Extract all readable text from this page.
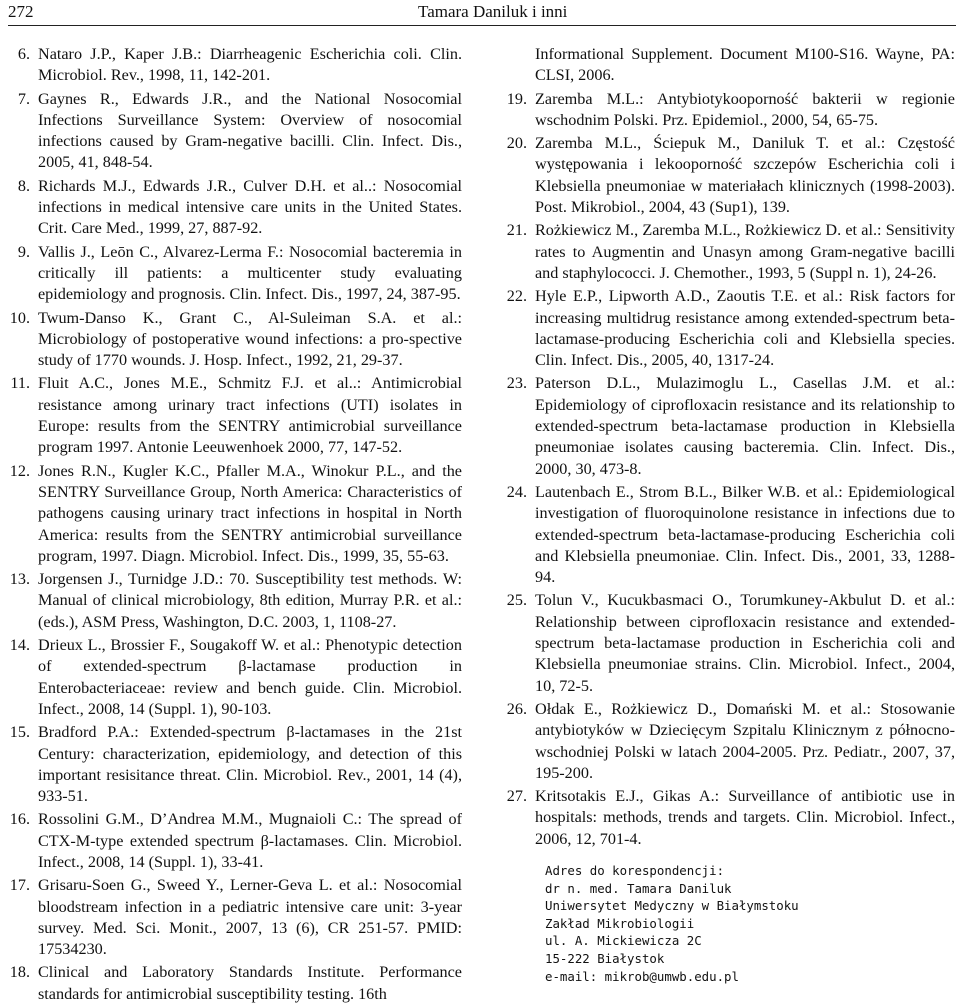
272	Tamara Daniluk i inni
6. Nataro J.P., Kaper J.B.: Diarrheagenic Escherichia coli. Clin. Microbiol. Rev., 1998, 11, 142-201.
7. Gaynes R., Edwards J.R., and the National Nosocomial Infections Surveillance System: Overview of nosocomial infections caused by Gram-negative bacilli. Clin. Infect. Dis., 2005, 41, 848-54.
8. Richards M.J., Edwards J.R., Culver D.H. et al..: Nosocomial infections in medical intensive care units in the United States. Crit. Care Med., 1999, 27, 887-92.
9. Vallis J., Leōn C., Alvarez-Lerma F.: Nosocomial bacteremia in critically ill patients: a multicenter study evaluating epidemiology and prognosis. Clin. Infect. Dis., 1997, 24, 387-95.
10. Twum-Danso K., Grant C., Al-Suleiman S.A. et al.: Microbiology of postoperative wound infections: a pro-spective study of 1770 wounds. J. Hosp. Infect., 1992, 21, 29-37.
11. Fluit A.C., Jones M.E., Schmitz F.J. et al..: Antimicrobial resistance among urinary tract infections (UTI) isolates in Europe: results from the SENTRY antimicrobial surveillance program 1997. Antonie Leeuwenhoek 2000, 77, 147-52.
12. Jones R.N., Kugler K.C., Pfaller M.A., Winokur P.L., and the SENTRY Surveillance Group, North America: Characteristics of pathogens causing urinary tract infections in hospital in North America: results from the SENTRY antimicrobial surveillance program, 1997. Diagn. Microbiol. Infect. Dis., 1999, 35, 55-63.
13. Jorgensen J., Turnidge J.D.: 70. Susceptibility test methods. W: Manual of clinical microbiology, 8th edition, Murray P.R. et al.: (eds.), ASM Press, Washington, D.C. 2003, 1, 1108-27.
14. Drieux L., Brossier F., Sougakoff W. et al.: Phenotypic detection of extended-spectrum β-lactamase production in Enterobacteriaceae: review and bench guide. Clin. Microbiol. Infect., 2008, 14 (Suppl. 1), 90-103.
15. Bradford P.A.: Extended-spectrum β-lactamases in the 21st Century: characterization, epidemiology, and detection of this important resisitance threat. Clin. Microbiol. Rev., 2001, 14 (4), 933-51.
16. Rossolini G.M., D’Andrea M.M., Mugnaioli C.: The spread of CTX-M-type extended spectrum β-lactamases. Clin. Microbiol. Infect., 2008, 14 (Suppl. 1), 33-41.
17. Grisaru-Soen G., Sweed Y., Lerner-Geva L. et al.: Nosocomial bloodstream infection in a pediatric intensive care unit: 3-year survey. Med. Sci. Monit., 2007, 13 (6), CR 251-57. PMID: 17534230.
18. Clinical and Laboratory Standards Institute. Performance standards for antimicrobial susceptibility testing. 16th
Informational Supplement. Document M100-S16. Wayne, PA: CLSI, 2006.
19. Zaremba M.L.: Antybiotykooporność bakterii w regionie wschodnim Polski. Prz. Epidemiol., 2000, 54, 65-75.
20. Zaremba M.L., Ściepuk M., Daniluk T. et al.: Częstość występowania i lekooporność szczepów Escherichia coli i Klebsiella pneumoniae w materiałach klinicznych (1998-2003). Post. Mikrobiol., 2004, 43 (Sup1), 139.
21. Rożkiewicz M., Zaremba M.L., Rożkiewicz D. et al.: Sensitivity rates to Augmentin and Unasyn among Gram-negative bacilli and staphylococci. J. Chemother., 1993, 5 (Suppl n. 1), 24-26.
22. Hyle E.P., Lipworth A.D., Zaoutis T.E. et al.: Risk factors for increasing multidrug resistance among extended-spectrum beta-lactamase-producing Escherichia coli and Klebsiella species. Clin. Infect. Dis., 2005, 40, 1317-24.
23. Paterson D.L., Mulazimoglu L., Casellas J.M. et al.: Epidemiology of ciprofloxacin resistance and its relationship to extended-spectrum beta-lactamase production in Klebsiella pneumoniae isolates causing bacteremia. Clin. Infect. Dis., 2000, 30, 473-8.
24. Lautenbach E., Strom B.L., Bilker W.B. et al.: Epidemiological investigation of fluoroquinolone resistance in infections due to extended-spectrum beta-lactamase-producing Escherichia coli and Klebsiella pneumoniae. Clin. Infect. Dis., 2001, 33, 1288-94.
25. Tolun V., Kucukbasmaci O., Torumkuney-Akbulut D. et al.: Relationship between ciprofloxacin resistance and extended-spectrum beta-lactamase production in Escherichia coli and Klebsiella pneumoniae strains. Clin. Microbiol. Infect., 2004, 10, 72-5.
26. Ołdak E., Rożkiewicz D., Domański M. et al.: Stosowanie antybiotyków w Dziecięcym Szpitalu Klinicznym z północno-wschodniej Polski w latach 2004-2005. Prz. Pediatr., 2007, 37, 195-200.
27. Kritsotakis E.J., Gikas A.: Surveillance of antibiotic use in hospitals: methods, trends and targets. Clin. Microbiol. Infect., 2006, 12, 701-4.
Adres do korespondencji:
dr n. med. Tamara Daniluk
Uniwersytet Medyczny w Białymstoku
Zakład Mikrobiologii
ul. A. Mickiewicza 2C
15-222 Białystok
e-mail: mikrob@umwb.edu.pl
